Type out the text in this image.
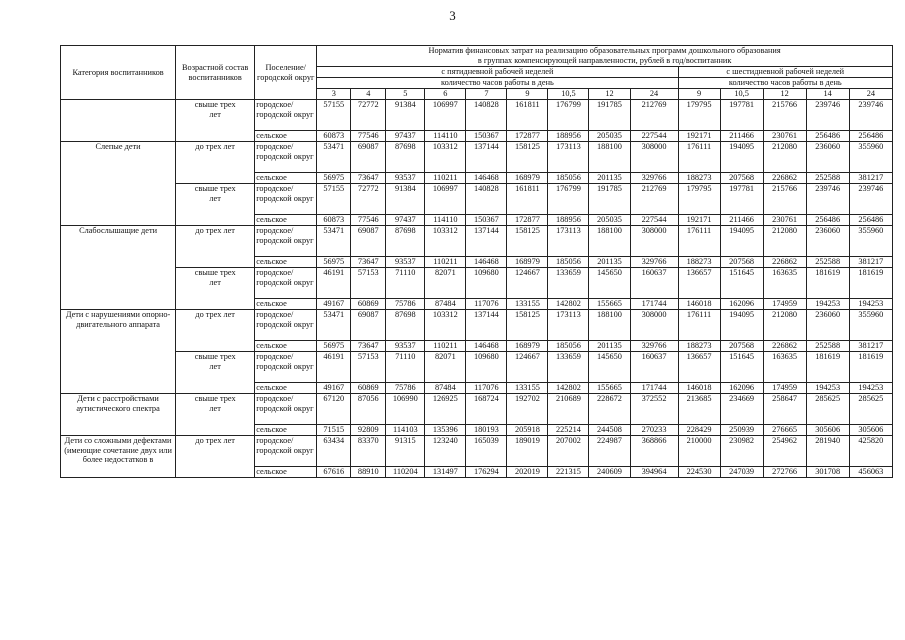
3
Категория воспитанников	Возрастной состав воспитанников	Поселение/ городской округ	Норматив финансовых затрат на реализацию образовательных программ дошкольного образования													
			в группах компенсирующей направленности, рублей в год/воспитанник													
			с пятидневной рабочей неделей									с шестидневной рабочей неделей				
			количество часов работы в день									количество часов работы в день				
			3	4	5	6	7	9	10,5	12	24	9	10,5	12	14	24
	свыше трех лет	городское/ городской округ	57155	72772	91384	106997	140828	161811	176799	191785	212769	179795	197781	215766	239746	239746
		сельское	60873	77546	97437	114110	150367	172877	188956	205035	227544	192171	211466	230761	256486	256486
Слепые дети	до трех лет	городское/ городской округ	53471	69087	87698	103312	137144	158125	173113	188100	308000	176111	194095	212080	236060	355960
		сельское	56975	73647	93537	110211	146468	168979	185056	201135	329766	188273	207568	226862	252588	381217
	свыше трех лет	городское/ городской округ	57155	72772	91384	106997	140828	161811	176799	191785	212769	179795	197781	215766	239746	239746
		сельское	60873	77546	97437	114110	150367	172877	188956	205035	227544	192171	211466	230761	256486	256486
Слабослышащие дети	до трех лет	городское/ городской округ	53471	69087	87698	103312	137144	158125	173113	188100	308000	176111	194095	212080	236060	355960
		сельское	56975	73647	93537	110211	146468	168979	185056	201135	329766	188273	207568	226862	252588	381217
	свыше трех лет	городское/ городской округ	46191	57153	71110	82071	109680	124667	133659	145650	160637	136657	151645	163635	181619	181619
		сельское	49167	60869	75786	87484	117076	133155	142802	155665	171744	146018	162096	174959	194253	194253
Дети с нарушениями опорно-двигательного аппарата	до трех лет	городское/ городской округ	53471	69087	87698	103312	137144	158125	173113	188100	308000	176111	194095	212080	236060	355960
		сельское	56975	73647	93537	110211	146468	168979	185056	201135	329766	188273	207568	226862	252588	381217
	свыше трех лет	городское/ городской округ	46191	57153	71110	82071	109680	124667	133659	145650	160637	136657	151645	163635	181619	181619
		сельское	49167	60869	75786	87484	117076	133155	142802	155665	171744	146018	162096	174959	194253	194253
Дети с расстройствами аутистического спектра	свыше трех лет	городское/ городской округ	67120	87056	106990	126925	168724	192702	210689	228672	372552	213685	234669	258647	285625	285625
		сельское	71515	92809	114103	135396	180193	205918	225214	244508	270233	228429	250939	276665	305606	305606
Дети со сложными дефектами (имеющие сочетание двух или более недостатков в	до трех лет	городское/ городской округ	63434	83370	91315	123240	165039	189019	207002	224987	368866	210000	230982	254962	281940	425820
		сельское	67616	88910	110204	131497	176294	202019	221315	240609	394964	224530	247039	272766	301708	456063
